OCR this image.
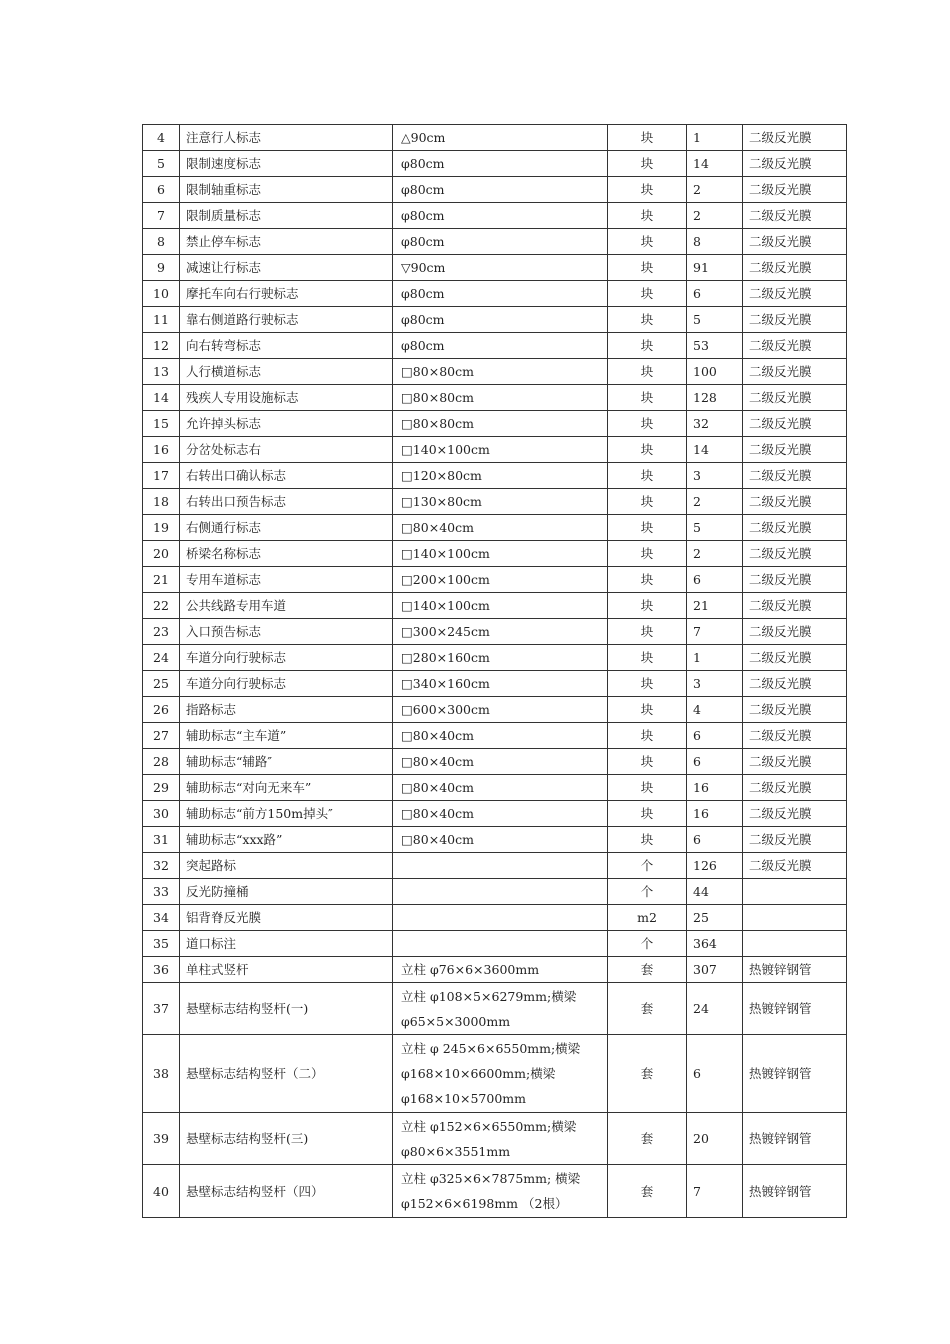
4	注意行人标志	△90cm	块	1	二级反光膜
5	限制速度标志	φ80cm	块	14	二级反光膜
6	限制轴重标志	φ80cm	块	2	二级反光膜
7	限制质量标志	φ80cm	块	2	二级反光膜
8	禁止停车标志	φ80cm	块	8	二级反光膜
9	减速让行标志	▽90cm	块	91	二级反光膜
10	摩托车向右行驶标志	φ80cm	块	6	二级反光膜
11	靠右侧道路行驶标志	φ80cm	块	5	二级反光膜
12	向右转弯标志	φ80cm	块	53	二级反光膜
13	人行横道标志	□80×80cm	块	100	二级反光膜
14	残疾人专用设施标志	□80×80cm	块	128	二级反光膜
15	允许掉头标志	□80×80cm	块	32	二级反光膜
16	分岔处标志右	□140×100cm	块	14	二级反光膜
17	右转出口确认标志	□120×80cm	块	3	二级反光膜
18	右转出口预告标志	□130×80cm	块	2	二级反光膜
19	右侧通行标志	□80×40cm	块	5	二级反光膜
20	桥梁名称标志	□140×100cm	块	2	二级反光膜
21	专用车道标志	□200×100cm	块	6	二级反光膜
22	公共线路专用车道	□140×100cm	块	21	二级反光膜
23	入口预告标志	□300×245cm	块	7	二级反光膜
24	车道分向行驶标志	□280×160cm	块	1	二级反光膜
25	车道分向行驶标志	□340×160cm	块	3	二级反光膜
26	指路标志	□600×300cm	块	4	二级反光膜
27	辅助标志“主车道”	□80×40cm	块	6	二级反光膜
28	辅助标志“辅路″	□80×40cm	块	6	二级反光膜
29	辅助标志“对向无来车”	□80×40cm	块	16	二级反光膜
30	辅助标志“前方150m掉头″	□80×40cm	块	16	二级反光膜
31	辅助标志“xxx路”	□80×40cm	块	6	二级反光膜
32	突起路标		个	126	二级反光膜
33	反光防撞桶		个	44	
34	铝背脊反光膜		m2	25	
35	道口标注		个	364	
36	单柱式竖杆	立柱 φ76×6×3600mm	套	307	热镀锌钢管
37	悬壁标志结构竖杆(一)	立柱 φ108×5×6279mm;横梁 φ65×5×3000mm	套	24	热镀锌钢管
38	悬壁标志结构竖杆（二）	立柱 φ 245×6×6550mm;横梁 φ168×10×6600mm;横梁 φ168×10×5700mm	套	6	热镀锌钢管
39	悬壁标志结构竖杆(三)	立柱 φ152×6×6550mm;横梁 φ80×6×3551mm	套	20	热镀锌钢管
40	悬壁标志结构竖杆（四）	立柱 φ325×6×7875mm; 横梁 φ152×6×6198mm （2根）	套	7	热镀锌钢管
